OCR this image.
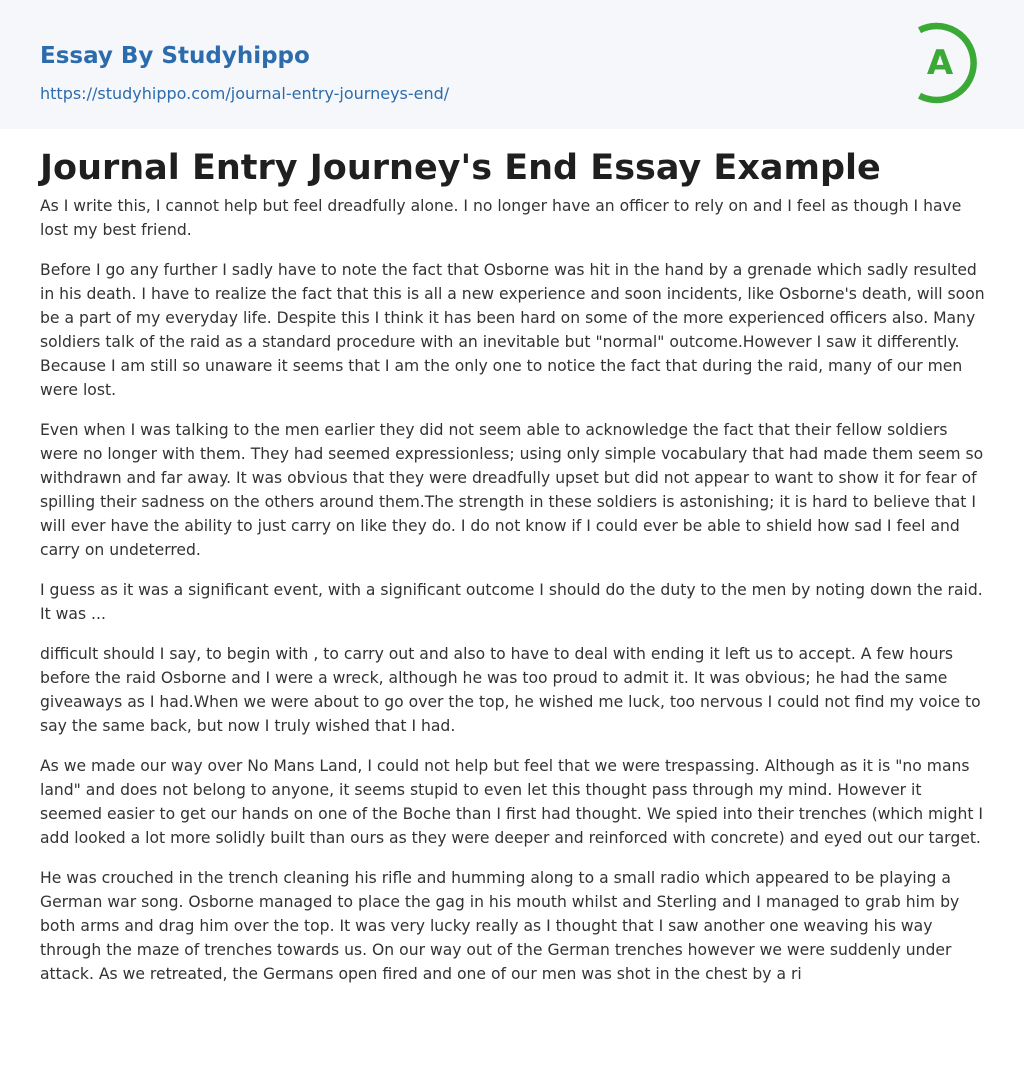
Essay By Studyhippo
https://studyhippo.com/journal-entry-journeys-end/
A
Journal Entry Journey's End Essay Example

As I write this, I cannot help but feel dreadfully alone. I no longer have an officer to rely on and I feel as though I have lost my best friend.

Before I go any further I sadly have to note the fact that Osborne was hit in the hand by a grenade which sadly resulted in his death. I have to realize the fact that this is all a new experience and soon incidents, like Osborne's death, will soon be a part of my everyday life. Despite this I think it has been hard on some of the more experienced officers also. Many soldiers talk of the raid as a standard procedure with an inevitable but "normal" outcome.However I saw it differently. Because I am still so unaware it seems that I am the only one to notice the fact that during the raid, many of our men were lost.

Even when I was talking to the men earlier they did not seem able to acknowledge the fact that their fellow soldiers were no longer with them. They had seemed expressionless; using only simple vocabulary that had made them seem so withdrawn and far away. It was obvious that they were dreadfully upset but did not appear to want to show it for fear of spilling their sadness on the others around them.The strength in these soldiers is astonishing; it is hard to believe that I will ever have the ability to just carry on like they do. I do not know if I could ever be able to shield how sad I feel and carry on undeterred.

I guess as it was a significant event, with a significant outcome I should do the duty to the men by noting down the raid. It was ...

difficult should I say, to begin with , to carry out and also to have to deal with ending it left us to accept. A few hours before the raid Osborne and I were a wreck, although he was too proud to admit it. It was obvious; he had the same giveaways as I had.When we were about to go over the top, he wished me luck, too nervous I could not find my voice to say the same back, but now I truly wished that I had.

As we made our way over No Mans Land, I could not help but feel that we were trespassing. Although as it is "no mans land" and does not belong to anyone, it seems stupid to even let this thought pass through my mind. However it seemed easier to get our hands on one of the Boche than I first had thought. We spied into their trenches (which might I add looked a lot more solidly built than ours as they were deeper and reinforced with concrete) and eyed out our target.

He was crouched in the trench cleaning his rifle and humming along to a small radio which appeared to be playing a German war song. Osborne managed to place the gag in his mouth whilst and Sterling and I managed to grab him by both arms and drag him over the top. It was very lucky really as I thought that I saw another one weaving his way through the maze of trenches towards us. On our way out of the German trenches however we were suddenly under attack. As we retreated, the Germans open fired and one of our men was shot in the chest by a ri
